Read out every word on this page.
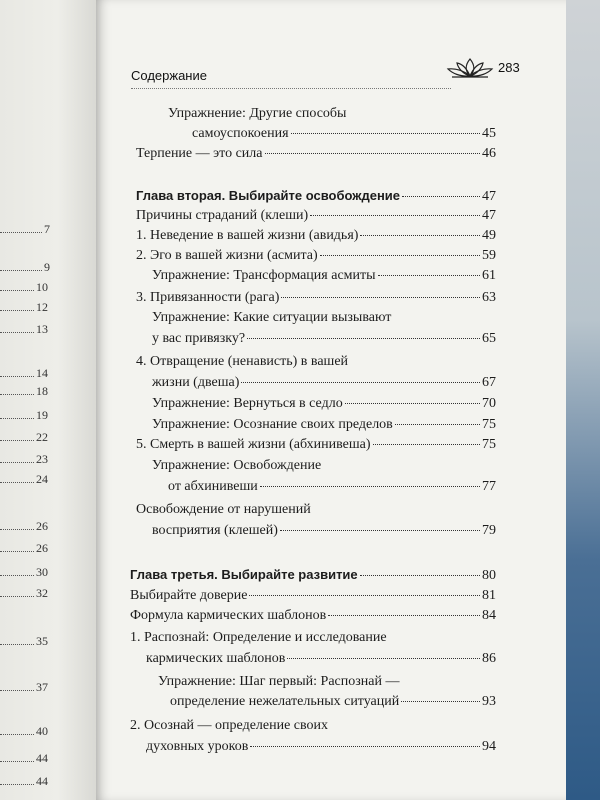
7
9
10
12
13
14
18
19
22
23
24
26
26
30
32
35
37
40
44
44
Содержание
283
Упражнение: Другие способы
самоуспокоения	45
Терпение — это сила	46
Глава вторая. Выбирайте освобождение	47
Причины страданий (клеши)	47
1. Неведение в вашей жизни (авидья)	49
2. Эго в вашей жизни (асмита)	59
Упражнение: Трансформация асмиты	61
3. Привязанности (рага)	63
Упражнение: Какие ситуации вызывают
у вас привязку?	65
4. Отвращение (ненависть) в вашей
жизни (двеша)	67
Упражнение: Вернуться в седло	70
Упражнение: Осознание своих пределов	75
5. Смерть в вашей жизни (абхинивеша)	75
Упражнение: Освобождение
от абхинивеши	77
Освобождение от нарушений
восприятия (клешей)	79
Глава третья. Выбирайте развитие	80
Выбирайте доверие	81
Формула кармических шаблонов	84
1. Распознай: Определение и исследование
кармических шаблонов	86
Упражнение: Шаг первый: Распознай —
определение нежелательных ситуаций	93
2. Осознай — определение своих
духовных уроков	94
